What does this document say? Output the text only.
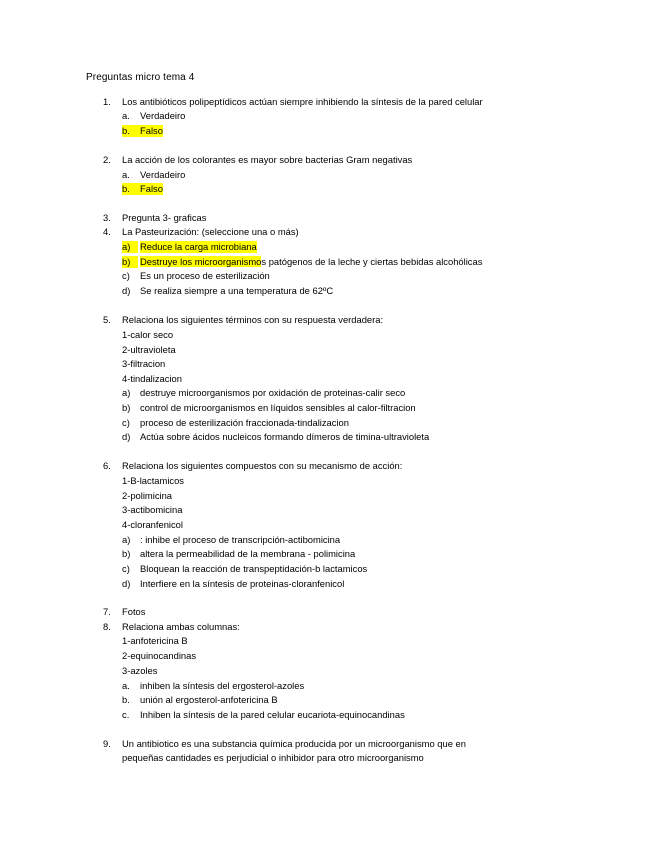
Preguntas micro tema 4
1. Los antibióticos polipeptídicos actúan siempre inhibiendo la síntesis de la pared celular
a. Verdadeiro
b.	Falso
2. La acción de los colorantes es mayor sobre bacterias Gram negativas
a. Verdadeiro
b.	Falso
3. Pregunta 3- graficas
4. La Pasteurización: (seleccione una o más)
a)	Reduce la carga microbiana
b)	Destruye los microorganismos patógenos de la leche y ciertas bebidas alcohólicas
c) Es un proceso de esterilización
d) Se realiza siempre a una temperatura de 62ºC
5. Relaciona los siguientes términos con su respuesta verdadera:
1-calor seco
2-ultravioleta
3-filtracion
4-tindalizacion
a) destruye microorganismos por oxidación de proteinas-calir seco
b) control de microorganismos en líquidos sensibles al calor-filtracion
c) proceso de esterilización fraccionada-tindalizacion
d) Actúa sobre ácidos nucleicos formando dímeros de timina-ultravioleta
6. Relaciona los siguientes compuestos con su mecanismo de acción:
1-B-lactamicos
2-polimicina
3-actibomicina
4-cloranfenicol
a) : inhibe el proceso de transcripción-actibomicina
b) altera la permeabilidad de la membrana - polimicina
c) Bloquean la reacción de transpeptidación-b lactamicos
d) Interfiere en la síntesis de proteinas-cloranfenicol
7. Fotos
8. Relaciona ambas columnas:
1-anfotericina B
2-equinocandinas
3-azoles
a. inhiben la síntesis del ergosterol-azoles
b. unión al ergosterol-anfotericina B
c. Inhiben la síntesis de la pared celular eucariota-equinocandinas
9. Un antibiotico es una substancia química producida por un microorganismo que en
pequeñas cantidades es perjudicial o inhibidor para otro microorganismo
